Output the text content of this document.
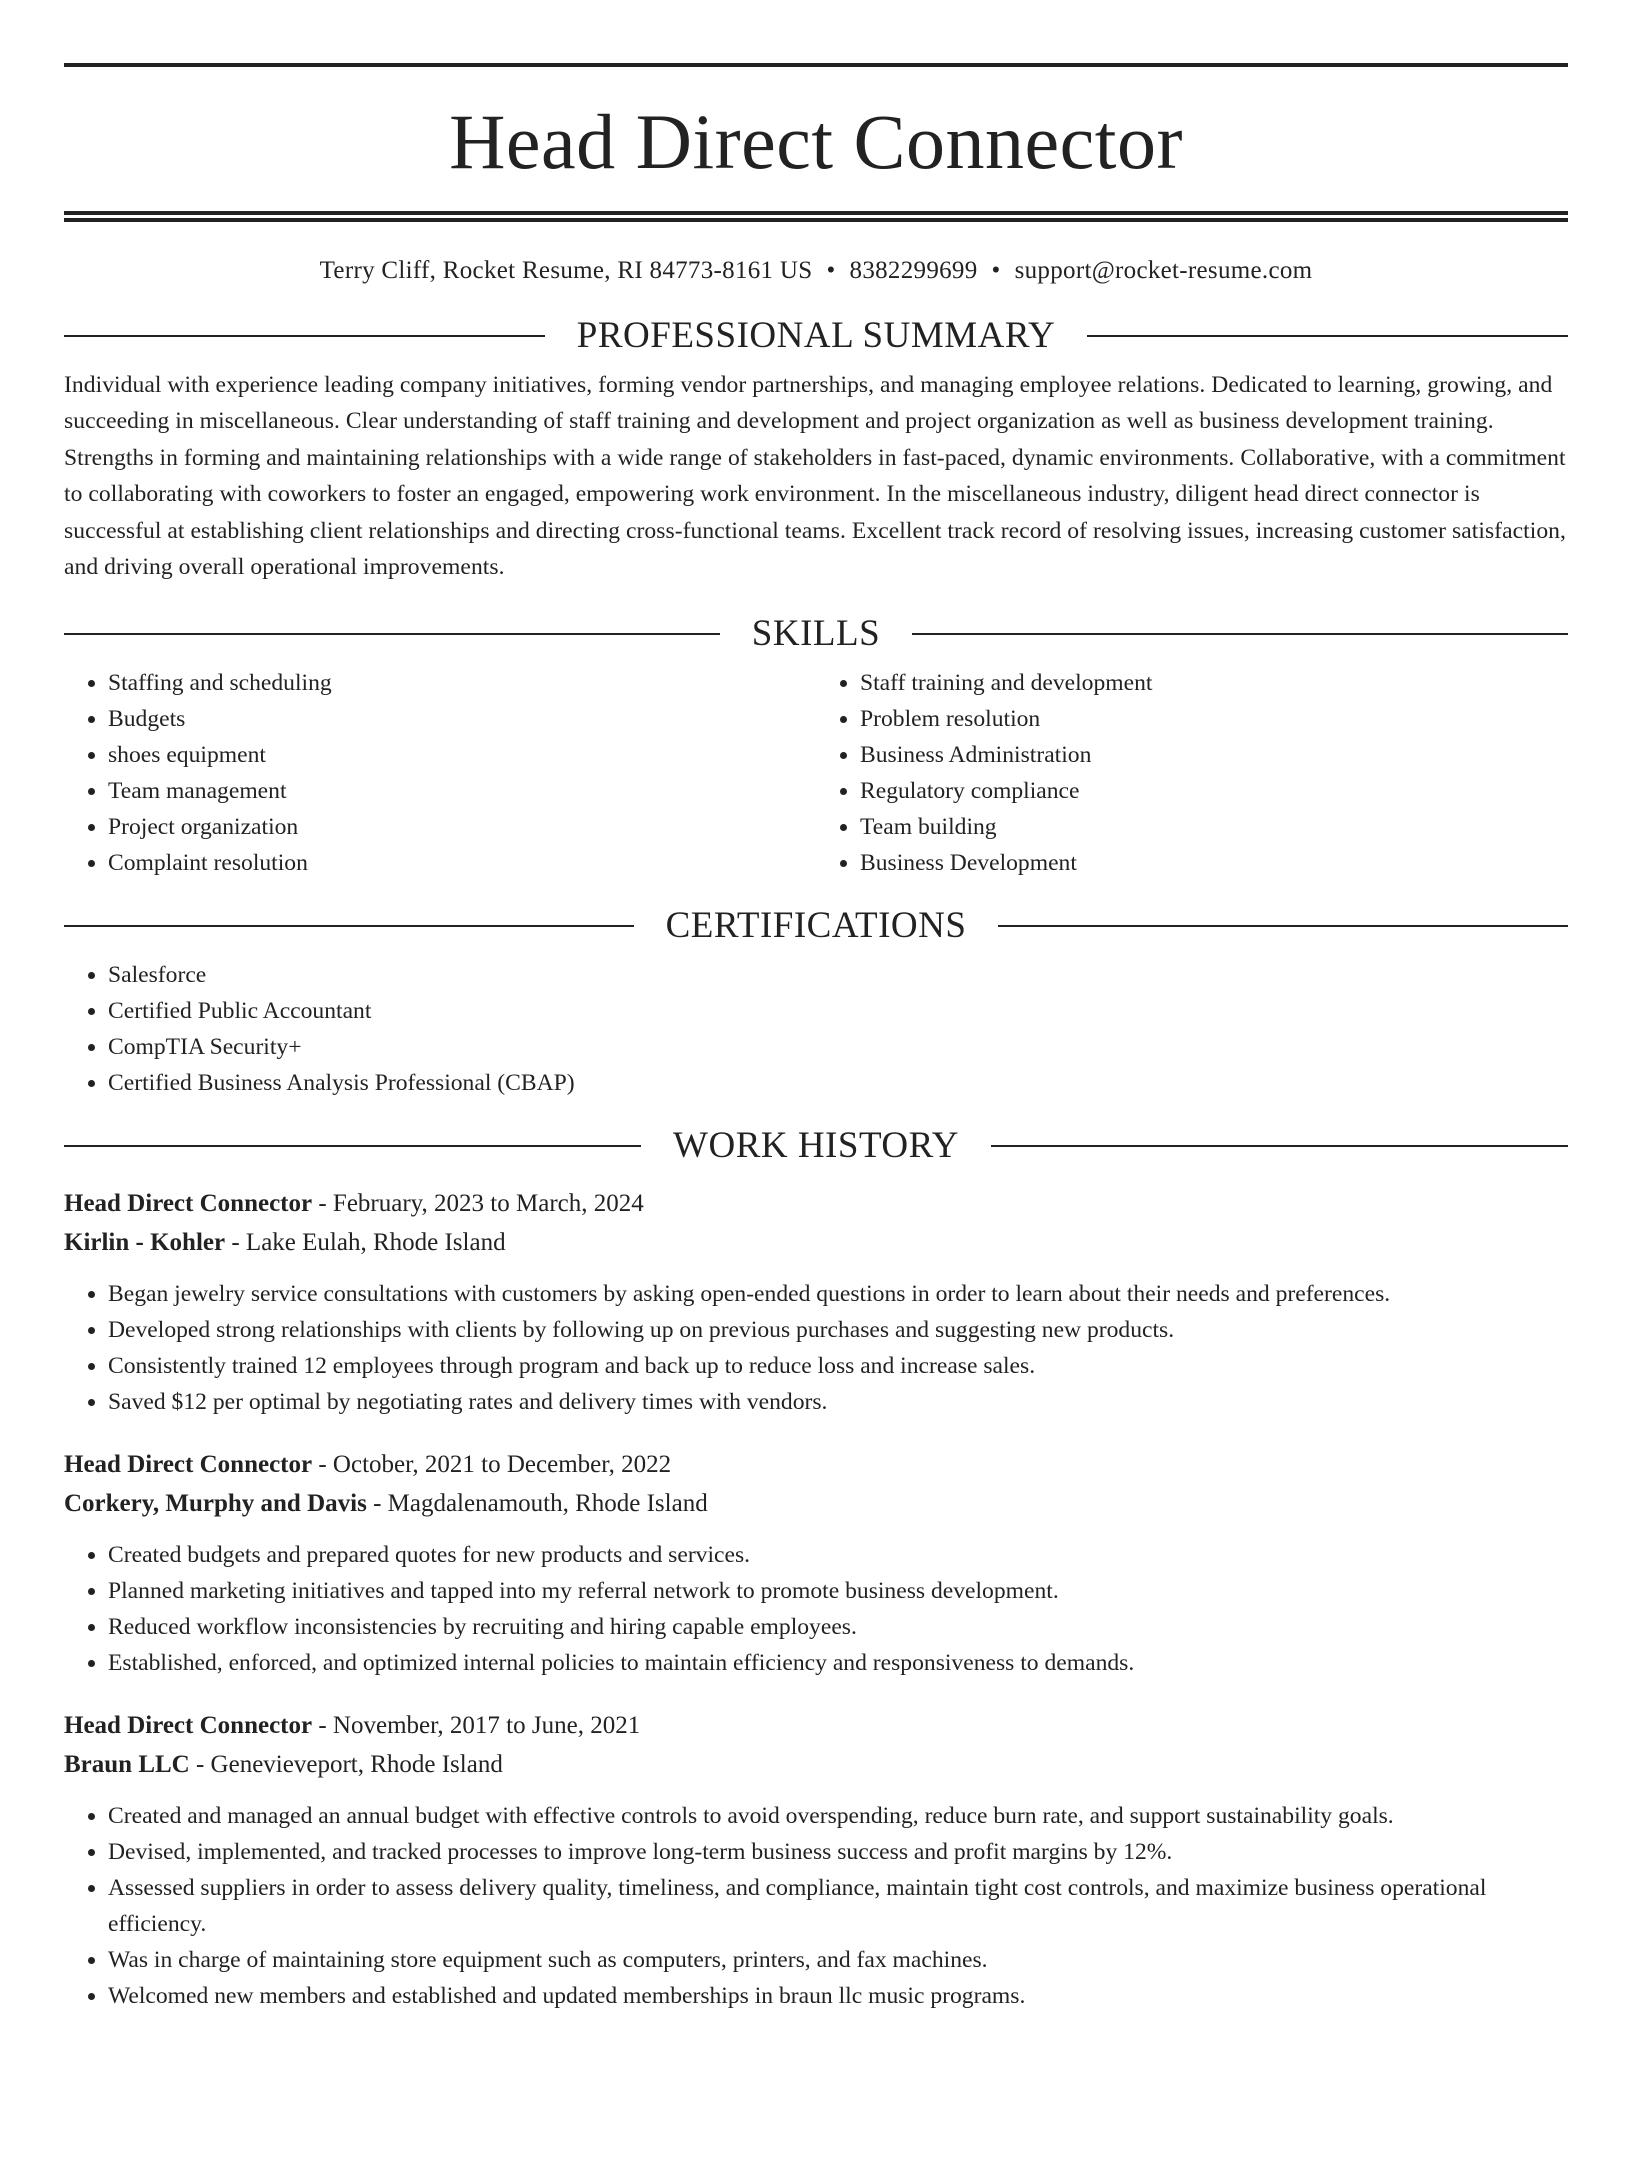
Head Direct Connector
Terry Cliff, Rocket Resume, RI 84773-8161 US • 8382299699 • support@rocket-resume.com
PROFESSIONAL SUMMARY

Individual with experience leading company initiatives, forming vendor partnerships, and managing employee relations. Dedicated to learning, growing, and succeeding in miscellaneous. Clear understanding of staff training and development and project organization as well as business development training. Strengths in forming and maintaining relationships with a wide range of stakeholders in fast-paced, dynamic environments. Collaborative, with a commitment to collaborating with coworkers to foster an engaged, empowering work environment. In the miscellaneous industry, diligent head direct connector is successful at establishing client relationships and directing cross-functional teams. Excellent track record of resolving issues, increasing customer satisfaction, and driving overall operational improvements.

SKILLS
• Staffing and scheduling
• Budgets
• shoes equipment
• Team management
• Project organization
• Complaint resolution
• Staff training and development
• Problem resolution
• Business Administration
• Regulatory compliance
• Team building
• Business Development
CERTIFICATIONS
• Salesforce
• Certified Public Accountant
• CompTIA Security+
• Certified Business Analysis Professional (CBAP)
WORK HISTORY
Head Direct Connector - February, 2023 to March, 2024
Kirlin - Kohler - Lake Eulah, Rhode Island
• Began jewelry service consultations with customers by asking open-ended questions in order to learn about their needs and preferences.
• Developed strong relationships with clients by following up on previous purchases and suggesting new products.
• Consistently trained 12 employees through program and back up to reduce loss and increase sales.
• Saved $12 per optimal by negotiating rates and delivery times with vendors.
Head Direct Connector - October, 2021 to December, 2022
Corkery, Murphy and Davis - Magdalenamouth, Rhode Island
• Created budgets and prepared quotes for new products and services.
• Planned marketing initiatives and tapped into my referral network to promote business development.
• Reduced workflow inconsistencies by recruiting and hiring capable employees.
• Established, enforced, and optimized internal policies to maintain efficiency and responsiveness to demands.
Head Direct Connector - November, 2017 to June, 2021
Braun LLC - Genevieveport, Rhode Island
• Created and managed an annual budget with effective controls to avoid overspending, reduce burn rate, and support sustainability goals.
• Devised, implemented, and tracked processes to improve long-term business success and profit margins by 12%.
• Assessed suppliers in order to assess delivery quality, timeliness, and compliance, maintain tight cost controls, and maximize business operational efficiency.
• Was in charge of maintaining store equipment such as computers, printers, and fax machines.
• Welcomed new members and established and updated memberships in braun llc music programs.
